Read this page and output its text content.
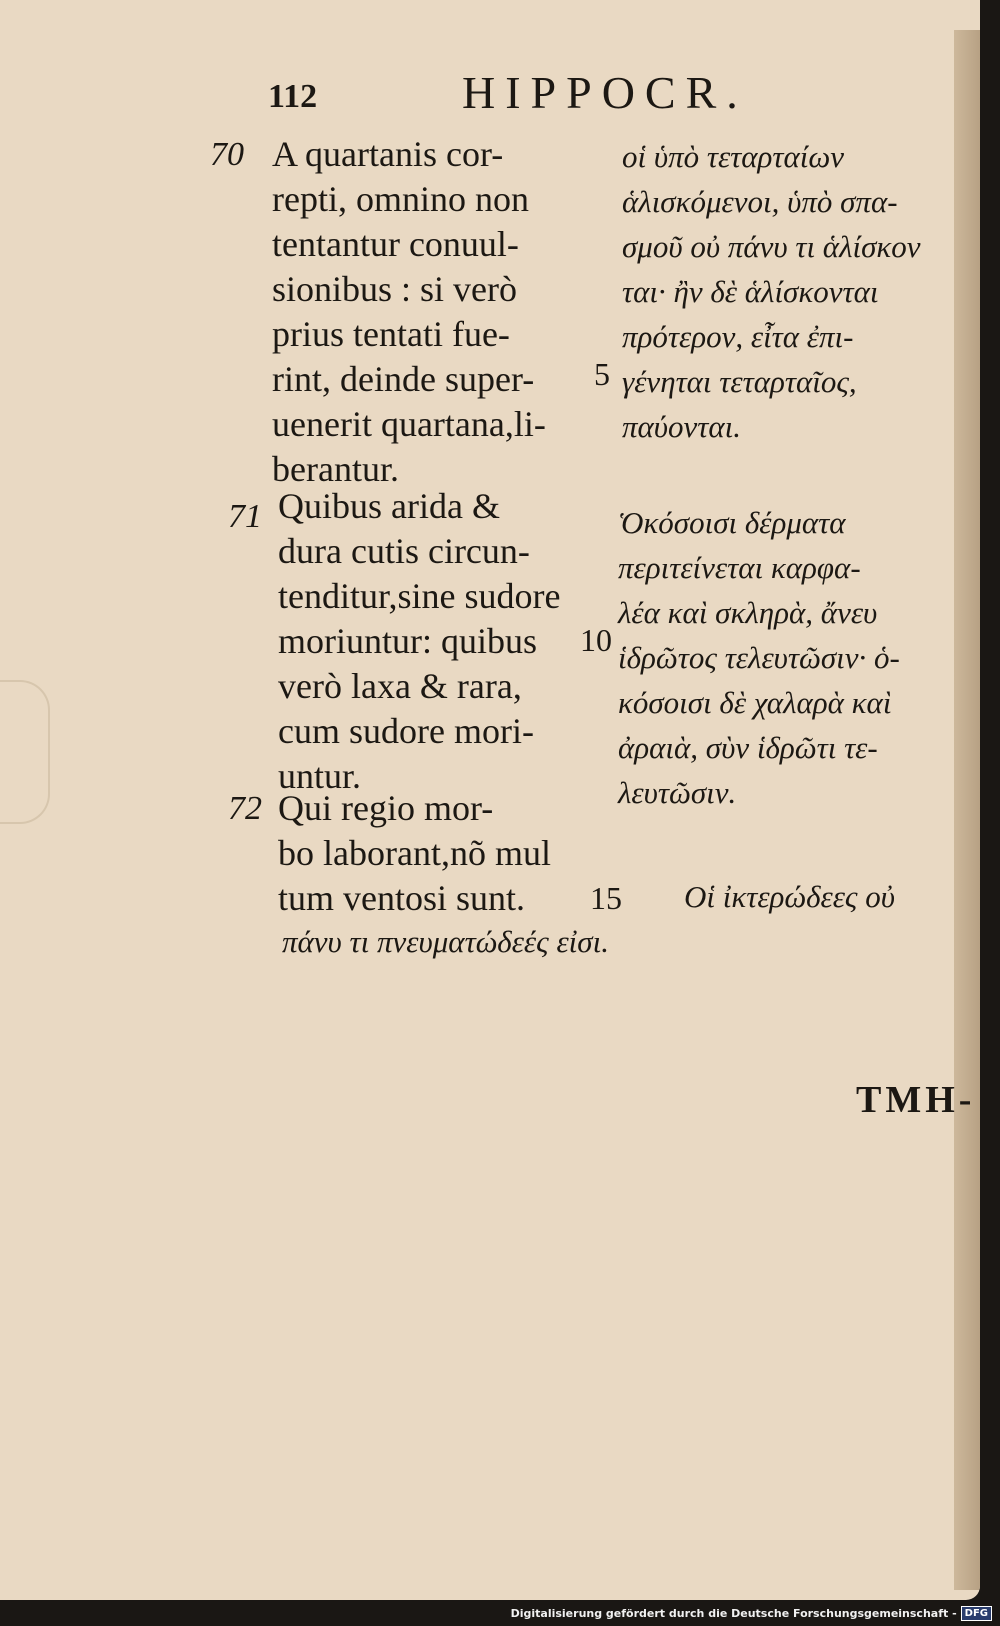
112	HIPPOCR.
70 A quartanis cor-
repti, omnino non
tentantur conuul-
sionibus : si verò
prius tentati fue-
rint, deinde super-
uenerit quartana,li-
berantur.
οἱ ὑπὸ τεταρταίων
ἁλισκόμενοι, ὑπὸ σπα-
σμοῦ οὐ πάνυ τι ἁλίσκον
ται· ἢν δὲ ἁλίσκονται
πρότερον, εἶτα ἐπι-
γένηται τεταρταῖος,
παύονται.
71 Quibus arida &
dura cutis circun-
tenditur,sine sudore
moriuntur: quibus
verò laxa & rara,
cum sudore mori-
untur.
Ὁκόσοισι δέρματα
περιτείνεται καρφα-
λέα καὶ σκληρὰ, ἄνευ
ἱδρῶτος τελευτῶσιν· ὁ-
κόσοισι δὲ χαλαρὰ καὶ
ἀραιὰ, σὺν ἱδρῶτι τε-
λευτῶσιν.
72 Qui regio mor-
bo laborant,nõ mul
tum ventosi sunt.	Οἱ ἰκτερώδεες οὐ
πάνυ τι πνευματώδεές εἰσι.
5
10
15
TMH-
Digitalisierung gefördert durch die Deutsche Forschungsgemeinschaft - DFG
